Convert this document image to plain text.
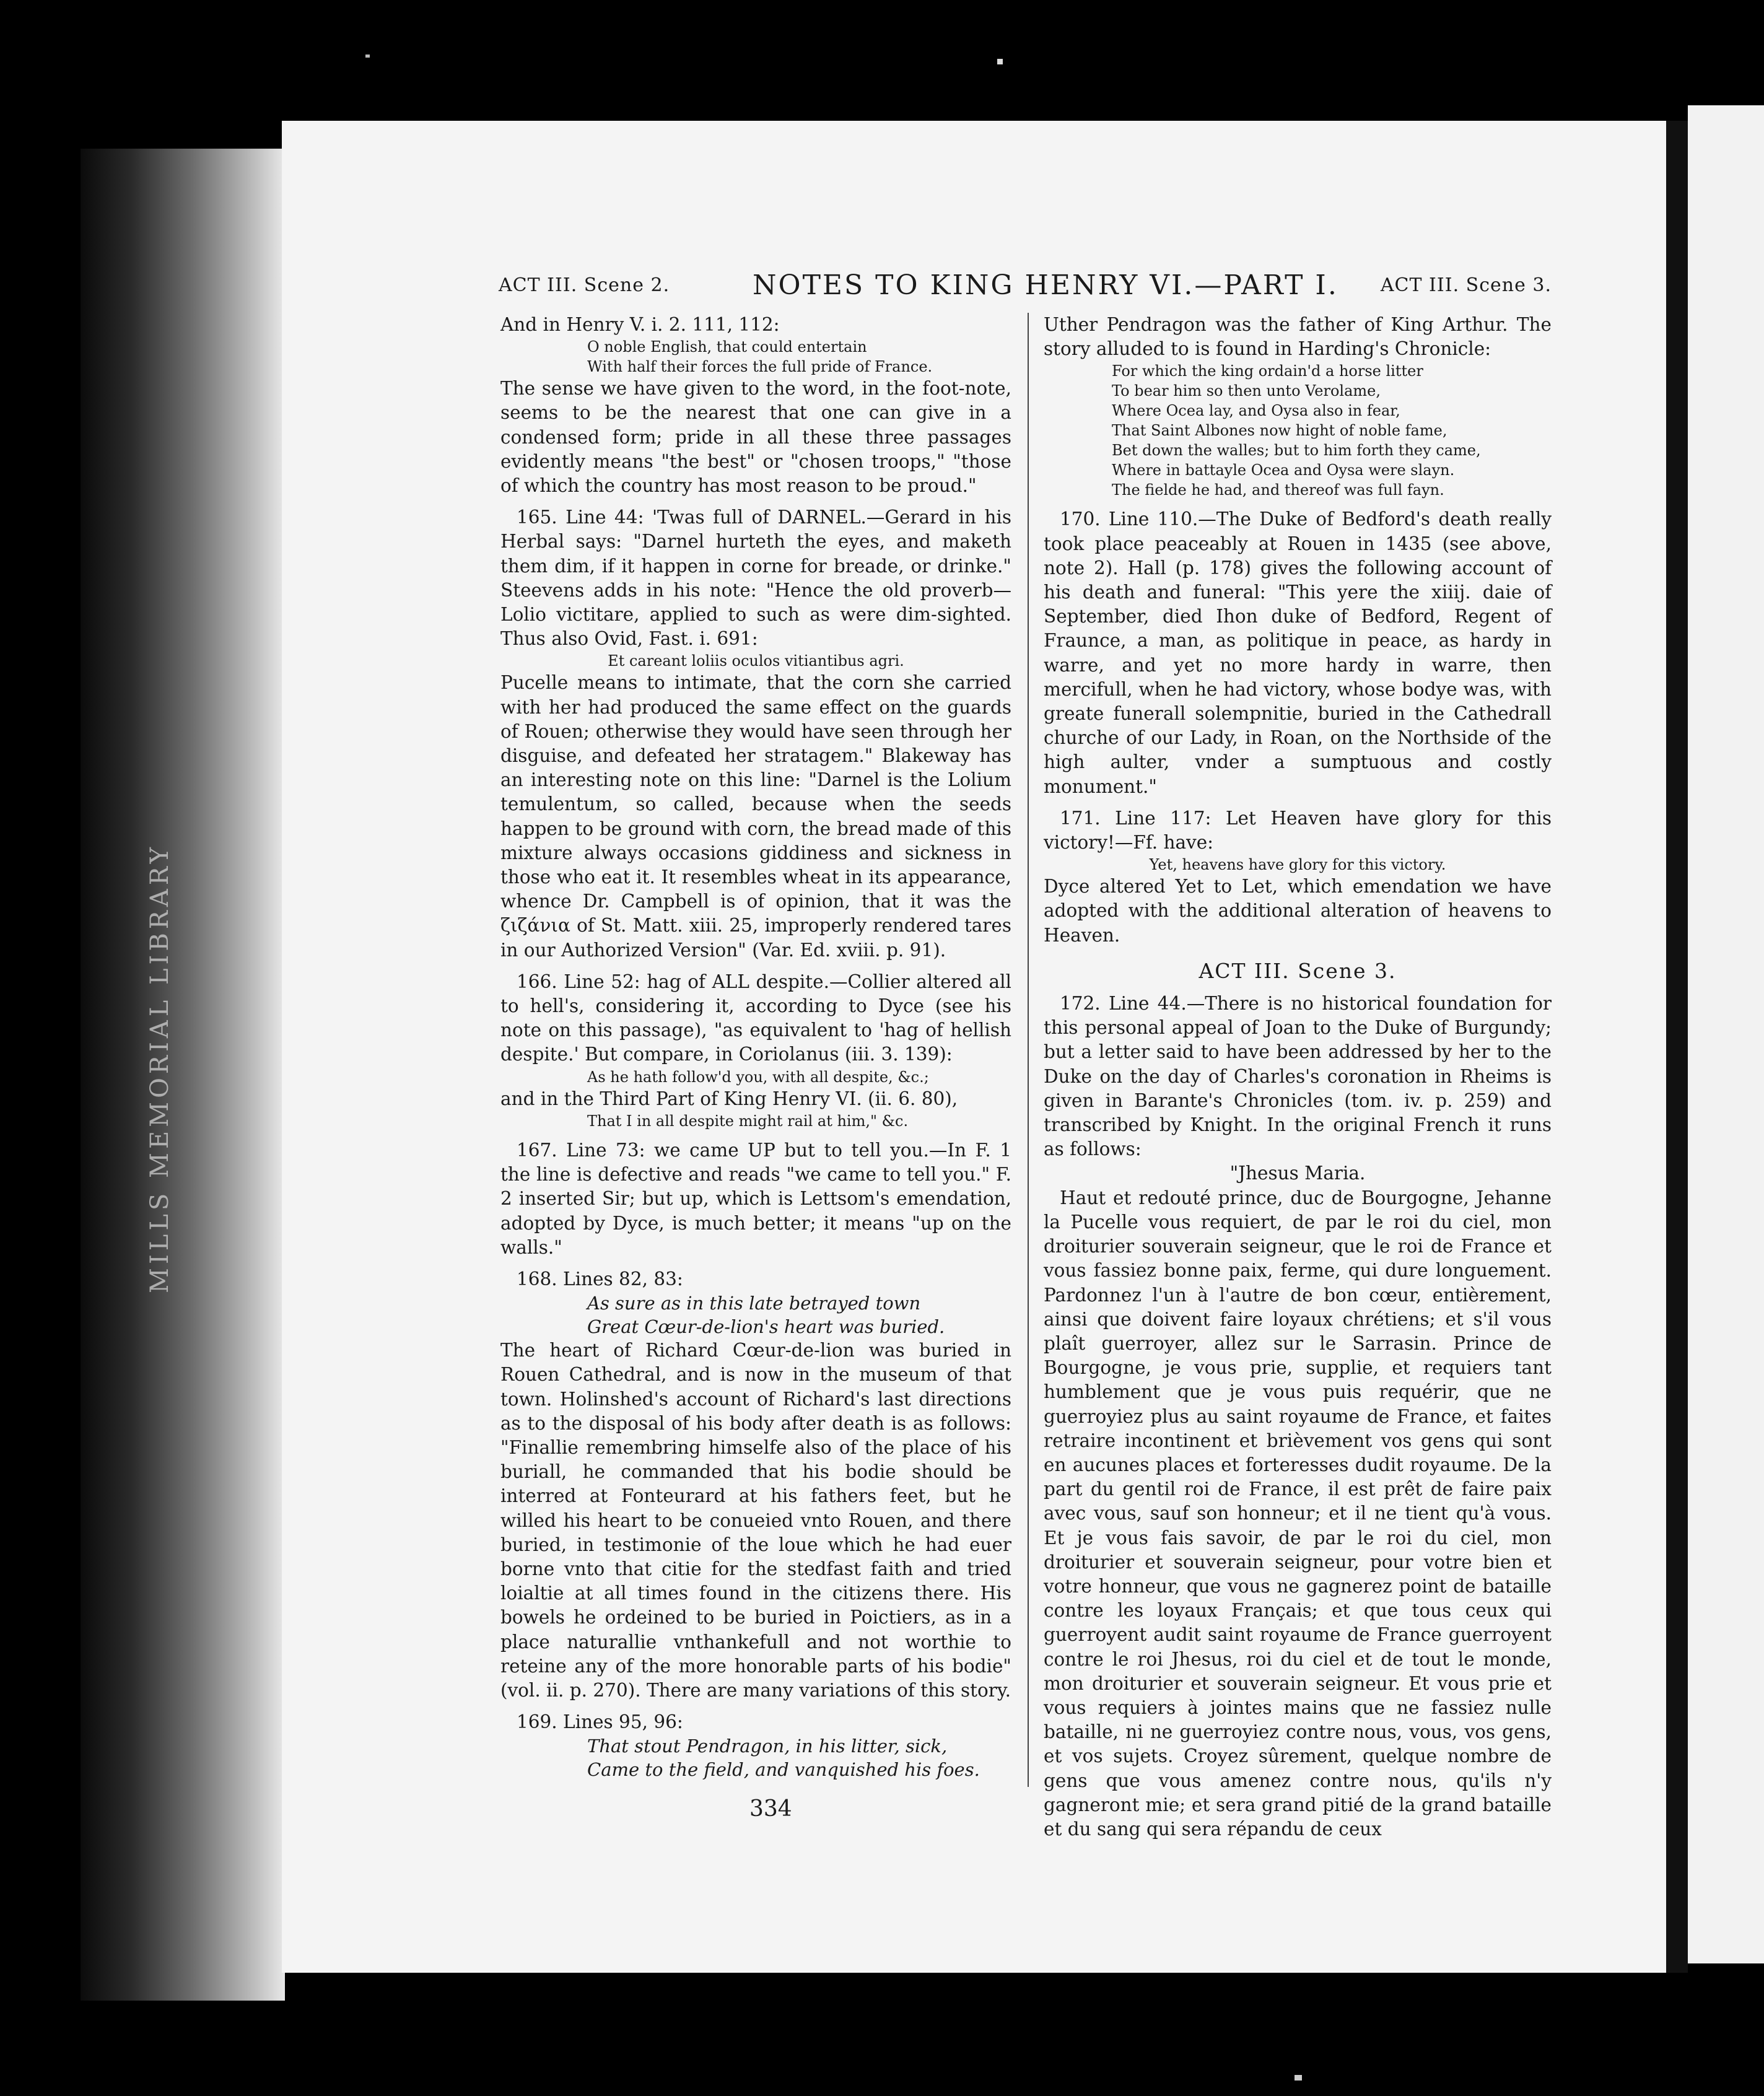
MILLS MEMORIAL LIBRARY
ACT III. Scene 2.	NOTES TO KING HENRY VI.—PART I. ACT III. Scene 3.

And in Henry V. i. 2. 111, 112:

O noble English, that could entertain

With half their forces the full pride of France.

The sense we have given to the word, in the foot-note, seems to be the nearest that one can give in a condensed form; pride in all these three passages evidently means "the best" or "chosen troops," "those of which the country has most reason to be proud."

165. Line 44: 'Twas full of DARNEL.—Gerard in his Herbal says: "Darnel hurteth the eyes, and maketh them dim, if it happen in corne for breade, or drinke." Steevens adds in his note: "Hence the old proverb—Lolio victitare, applied to such as were dim-sighted. Thus also Ovid, Fast. i. 691:

Et careant loliis oculos vitiantibus agri.

Pucelle means to intimate, that the corn she carried with her had produced the same effect on the guards of Rouen; otherwise they would have seen through her disguise, and defeated her stratagem." Blakeway has an interesting note on this line: "Darnel is the Lolium temulentum, so called, because when the seeds happen to be ground with corn, the bread made of this mixture always occasions giddiness and sickness in those who eat it. It resembles wheat in its appearance, whence Dr. Campbell is of opinion, that it was the ζιζάνια of St. Matt. xiii. 25, improperly rendered tares in our Authorized Version" (Var. Ed. xviii. p. 91).

166. Line 52: hag of ALL despite.—Collier altered all to hell's, considering it, according to Dyce (see his note on this passage), "as equivalent to 'hag of hellish despite.' But compare, in Coriolanus (iii. 3. 139):

As he hath follow'd you, with all despite, &c.;

and in the Third Part of King Henry VI. (ii. 6. 80),

That I in all despite might rail at him," &c.

167. Line 73: we came UP but to tell you.—In F. 1 the line is defective and reads "we came to tell you." F. 2 inserted Sir; but up, which is Lettsom's emendation, adopted by Dyce, is much better; it means "up on the walls."

168. Lines 82, 83:

As sure as in this late betrayed town

Great Cœur-de-lion's heart was buried.

The heart of Richard Cœur-de-lion was buried in Rouen Cathedral, and is now in the museum of that town. Holinshed's account of Richard's last directions as to the disposal of his body after death is as follows: "Finallie remembring himselfe also of the place of his buriall, he commanded that his bodie should be interred at Fonteurard at his fathers feet, but he willed his heart to be conueied vnto Rouen, and there buried, in testimonie of the loue which he had euer borne vnto that citie for the stedfast faith and tried loialtie at all times found in the citizens there. His bowels he ordeined to be buried in Poictiers, as in a place naturallie vnthankefull and not worthie to reteine any of the more honorable parts of his bodie" (vol. ii. p. 270). There are many variations of this story.

169. Lines 95, 96:

That stout Pendragon, in his litter, sick,

Came to the field, and vanquished his foes.

Uther Pendragon was the father of King Arthur. The story alluded to is found in Harding's Chronicle:

For which the king ordain'd a horse litter

To bear him so then unto Verolame,

Where Ocea lay, and Oysa also in fear,

That Saint Albones now hight of noble fame,

Bet down the walles; but to him forth they came,

Where in battayle Ocea and Oysa were slayn.

The fielde he had, and thereof was full fayn.

170. Line 110.—The Duke of Bedford's death really took place peaceably at Rouen in 1435 (see above, note 2). Hall (p. 178) gives the following account of his death and funeral: "This yere the xiiij. daie of September, died Ihon duke of Bedford, Regent of Fraunce, a man, as politique in peace, as hardy in warre, and yet no more hardy in warre, then mercifull, when he had victory, whose bodye was, with greate funerall solempnitie, buried in the Cathedrall churche of our Lady, in Roan, on the Northside of the high aulter, vnder a sumptuous and costly monument."

171. Line 117: Let Heaven have glory for this victory!—Ff. have:

Yet, heavens have glory for this victory.

Dyce altered Yet to Let, which emendation we have adopted with the additional alteration of heavens to Heaven.

ACT III. Scene 3.

172. Line 44.—There is no historical foundation for this personal appeal of Joan to the Duke of Burgundy; but a letter said to have been addressed by her to the Duke on the day of Charles's coronation in Rheims is given in Barante's Chronicles (tom. iv. p. 259) and transcribed by Knight. In the original French it runs as follows:

"Jhesus Maria.

Haut et redouté prince, duc de Bourgogne, Jehanne la Pucelle vous requiert, de par le roi du ciel, mon droiturier souverain seigneur, que le roi de France et vous fassiez bonne paix, ferme, qui dure longuement. Pardonnez l'un à l'autre de bon cœur, entièrement, ainsi que doivent faire loyaux chrétiens; et s'il vous plaît guerroyer, allez sur le Sarrasin. Prince de Bourgogne, je vous prie, supplie, et requiers tant humblement que je vous puis requérir, que ne guerroyiez plus au saint royaume de France, et faites retraire incontinent et brièvement vos gens qui sont en aucunes places et forteresses dudit royaume. De la part du gentil roi de France, il est prêt de faire paix avec vous, sauf son honneur; et il ne tient qu'à vous. Et je vous fais savoir, de par le roi du ciel, mon droiturier et souverain seigneur, pour votre bien et votre honneur, que vous ne gagnerez point de bataille contre les loyaux Français; et que tous ceux qui guerroyent audit saint royaume de France guerroyent contre le roi Jhesus, roi du ciel et de tout le monde, mon droiturier et souverain seigneur. Et vous prie et vous requiers à jointes mains que ne fassiez nulle bataille, ni ne guerroyiez contre nous, vous, vos gens, et vos sujets. Croyez sûrement, quelque nombre de gens que vous amenez contre nous, qu'ils n'y gagneront mie; et sera grand pitié de la grand bataille et du sang qui sera répandu de ceux

334
